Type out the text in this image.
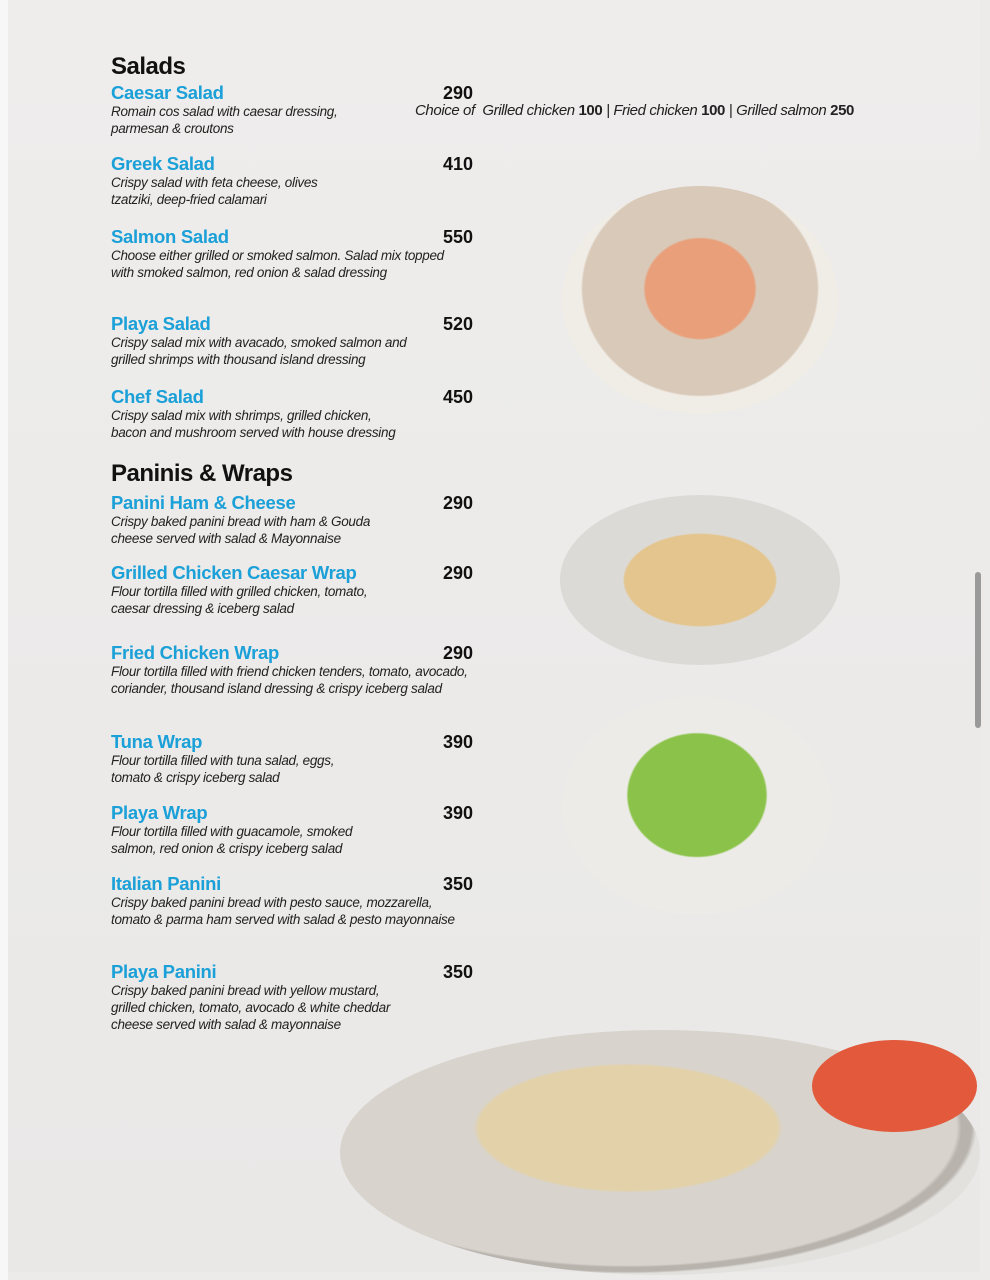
Salads
Caesar Salad	290
Romain cos salad with caesar dressing,
parmesan & croutons
Greek Salad	410
Crispy salad with feta cheese, olives
tzatziki, deep-fried calamari
Salmon Salad	550
Choose either grilled or smoked salmon. Salad mix topped
with smoked salmon, red onion & salad dressing
Playa Salad	520
Crispy salad mix with avacado, smoked salmon and
grilled shrimps with thousand island dressing
Chef Salad	450
Crispy salad mix with shrimps, grilled chicken,
bacon and mushroom served with house dressing
Paninis & Wraps
Panini Ham & Cheese	290
Crispy baked panini bread with ham & Gouda
cheese served with salad & Mayonnaise
Grilled Chicken Caesar Wrap	290
Flour tortilla filled with grilled chicken, tomato,
caesar dressing & iceberg salad
Fried Chicken Wrap	290
Flour tortilla filled with friend chicken tenders, tomato, avocado,
coriander, thousand island dressing & crispy iceberg salad
Tuna Wrap	390
Flour tortilla filled with tuna salad, eggs,
tomato & crispy iceberg salad
Playa Wrap	390
Flour tortilla filled with guacamole, smoked
salmon, red onion & crispy iceberg salad
Italian Panini	350
Crispy baked panini bread with pesto sauce, mozzarella,
tomato & parma ham served with salad & pesto mayonnaise
Playa Panini	350
Crispy baked panini bread with yellow mustard,
grilled chicken, tomato, avocado & white cheddar
cheese served with salad & mayonnaise
Choice of Grilled chicken 100 | Fried chicken 100 | Grilled salmon 250
